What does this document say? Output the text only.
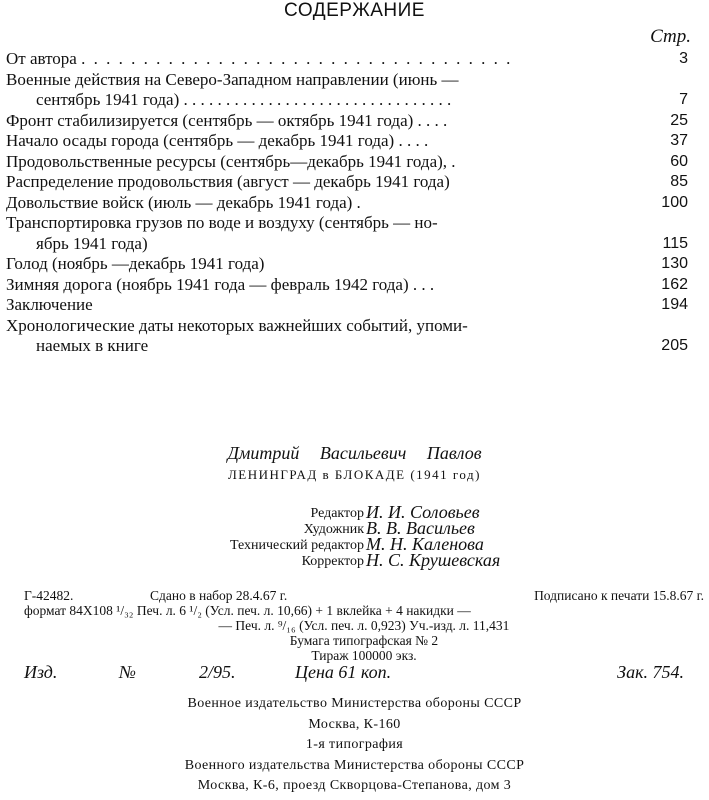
СОДЕРЖАНИЕ
Стр.
От автора . . . . . . . . . . . . . . . . . . . . . . . . . . . . . . . . . . .	3
Военные действия на Северо-Западном направлении (июнь —
сентябрь 1941 года) . . . . . . . . . . . . . . . . . . . . . . . . . . . . . . . .	7
Фронт стабилизируется (сентябрь — октябрь 1941 года) . . . .	25
Начало осады города (сентябрь — декабрь 1941 года) . . . .	37
Продовольственные ресурсы (сентябрь—декабрь 1941 года), .	60
Распределение продовольствия (август — декабрь 1941 года)	85
Довольствие войск (июль — декабрь 1941 года) .	100
Транспортировка грузов по воде и воздуху (сентябрь — но-
ябрь 1941 года)	115
Голод (ноябрь —декабрь 1941 года)	130
Зимняя дорога (ноябрь 1941 года — февраль 1942 года) . . .	162
Заключение	194
Хронологические даты некоторых важнейших событий, упоми-
наемых в книге	205
Дмитрий Васильевич Павлов
ЛЕНИНГРАД в БЛОКАДЕ (1941 год)
Редактор И. И. Соловьев
Художник В. В. Васильев
Технический редактор М. Н. Каленова
Корректор Н. С. Крушевская
Г-42482.	Сдано в набор 28.4.67 г.	Подписано к печати 15.8.67 г.
формат 84X108 ¹/₃₂ Печ. л. 6 ¹/₂ (Усл. печ. л. 10,66) + 1 вклейка + 4 накидки —
— Печ. л. ⁹/₁₆ (Усл. печ. л. 0,923) Уч.-изд. л. 11,431
Бумага типографская № 2
Тираж 100000 экз.
Изд.	№	2/95.	Цена 61 коп.	Зак. 754.
Военное издательство Министерства обороны СССР
Москва, К-160
1-я типография
Военного издательства Министерства обороны СССР
Москва, К-6, проезд Скворцова-Степанова, дом 3
